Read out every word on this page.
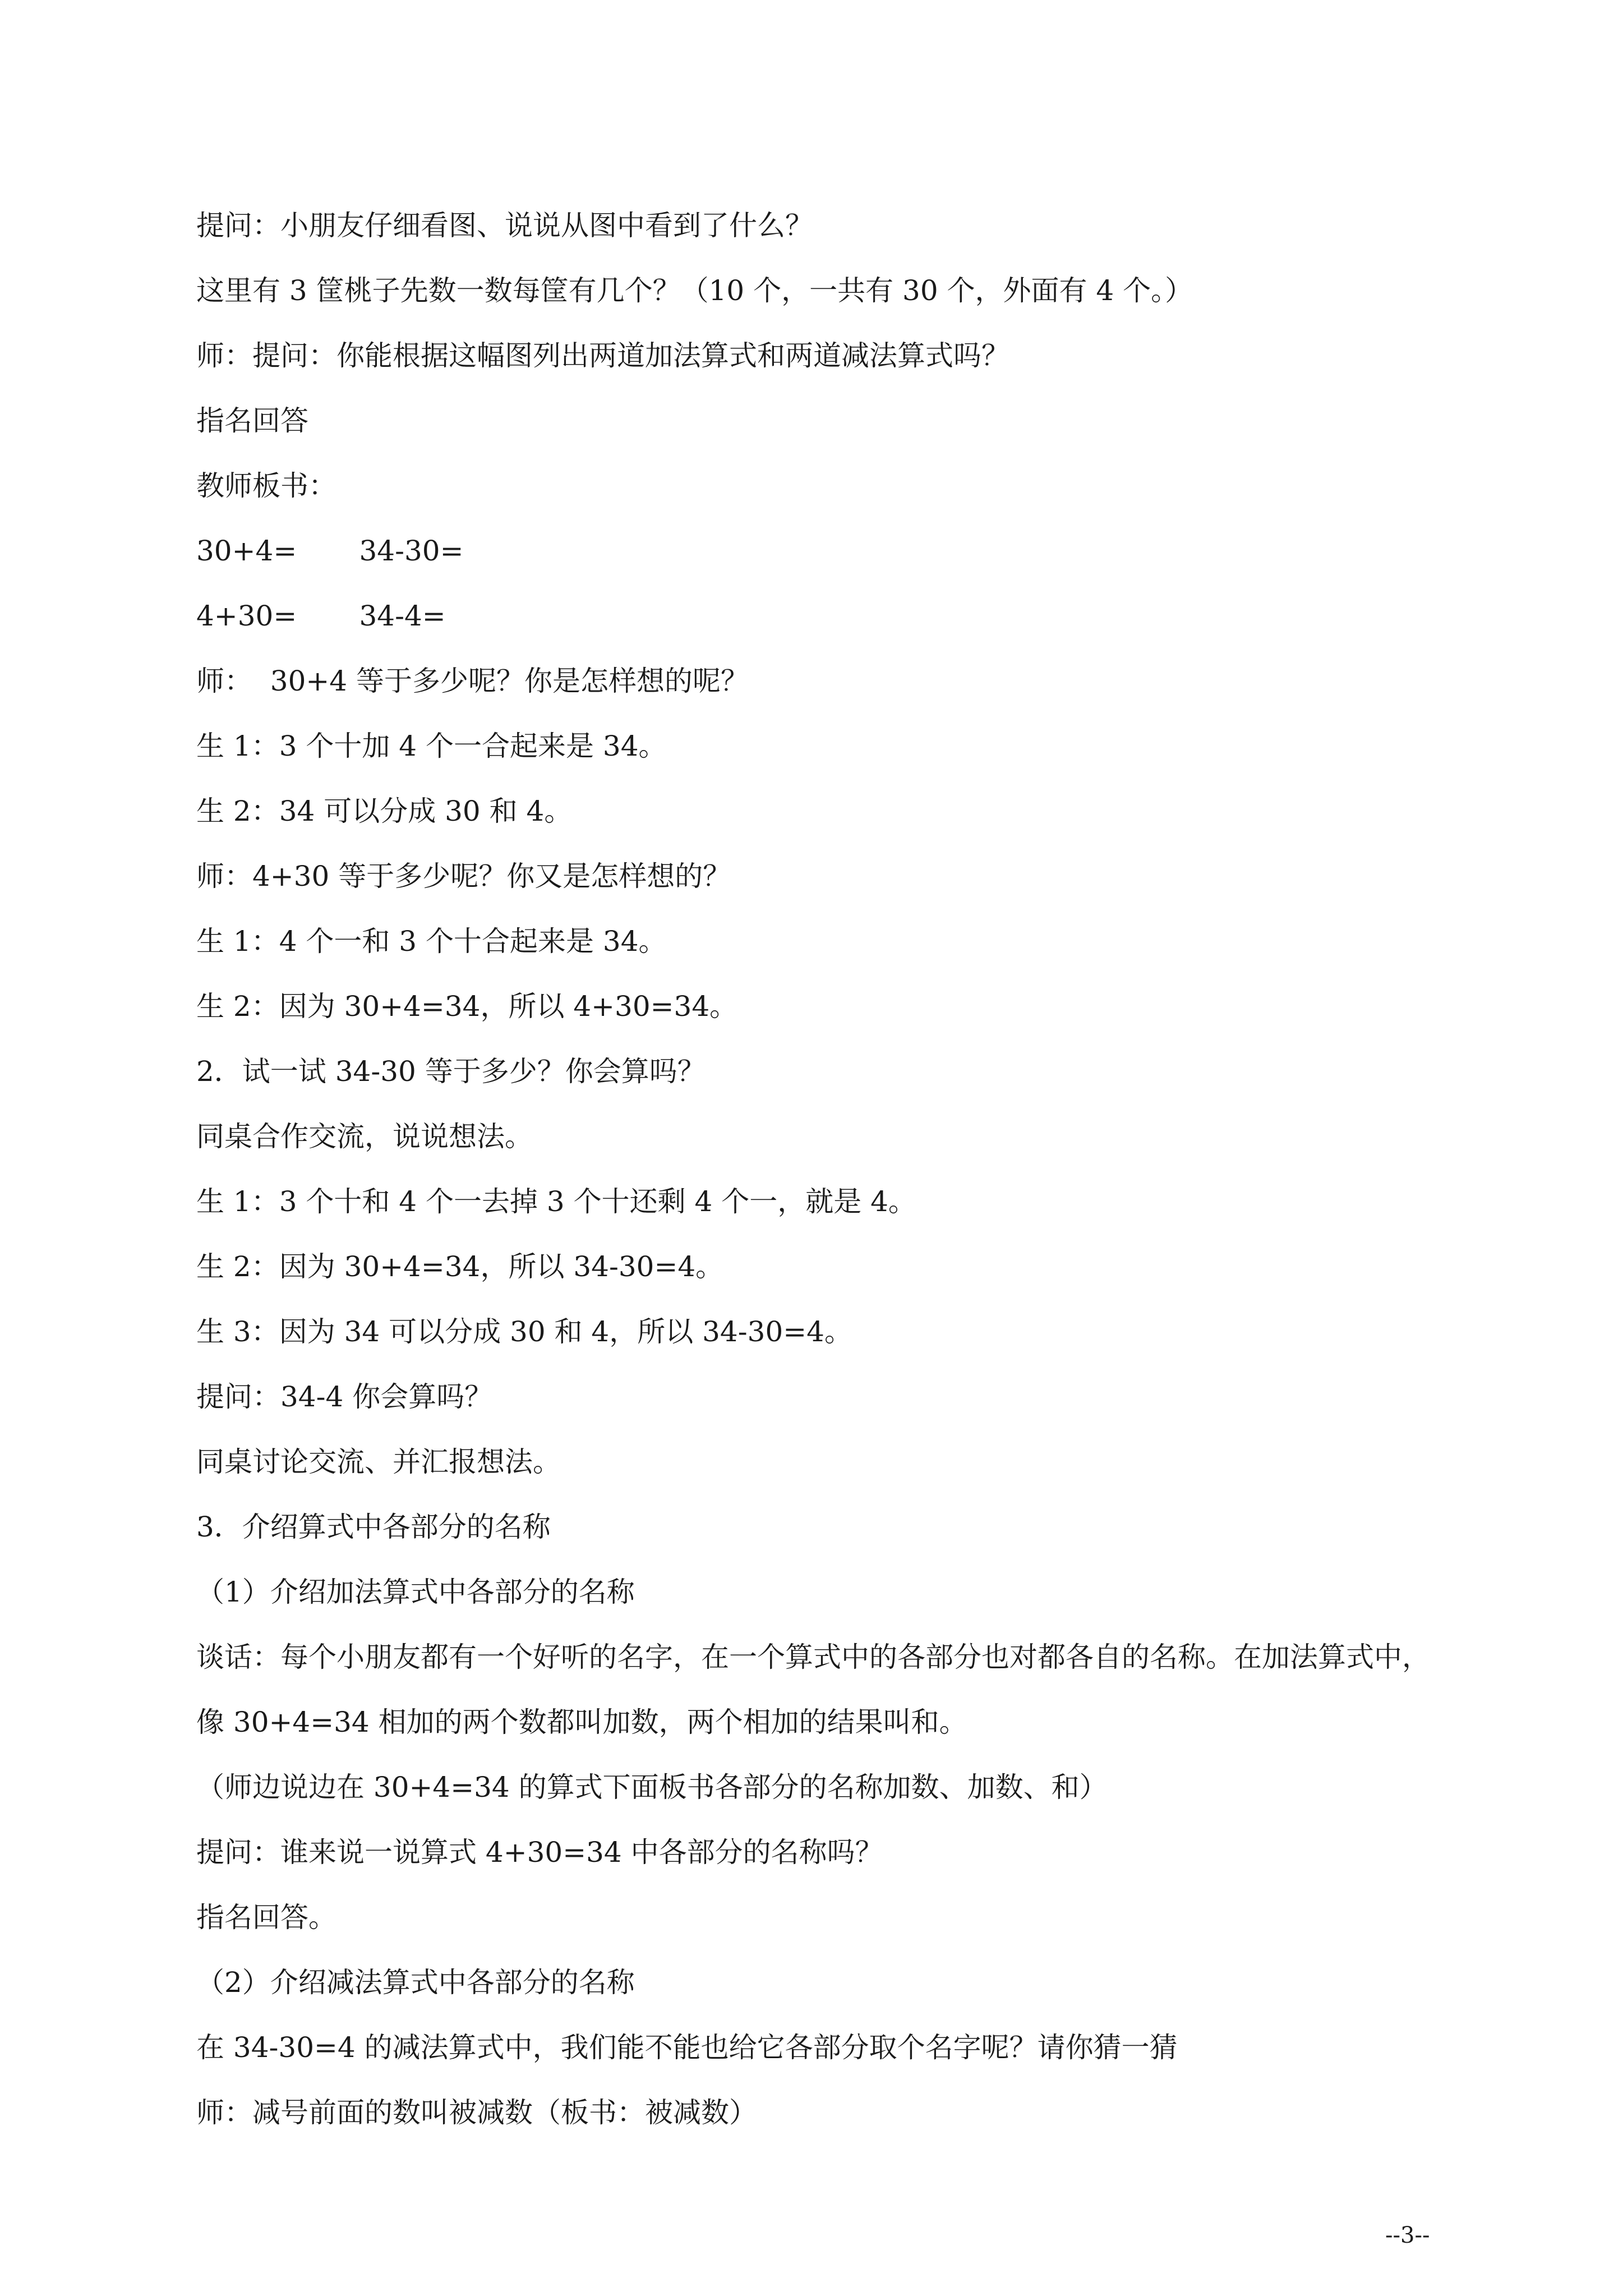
提问：小朋友仔细看图、说说从图中看到了什么？
这里有 3 筐桃子先数一数每筐有几个？（10 个，一共有 30 个，外面有 4 个。）
师：提问：你能根据这幅图列出两道加法算式和两道减法算式吗？
指名回答
教师板书：
30+4=       34-30=
4+30=       34-4=
师：  30+4 等于多少呢？你是怎样想的呢？
生 1：3 个十加 4 个一合起来是 34。
生 2：34 可以分成 30 和 4。
师：4+30 等于多少呢？你又是怎样想的？
生 1：4 个一和 3 个十合起来是 34。
生 2：因为 30+4=34，所以 4+30=34。
2．试一试 34-30 等于多少？你会算吗？
同桌合作交流，说说想法。
生 1：3 个十和 4 个一去掉 3 个十还剩 4 个一，就是 4。
生 2：因为 30+4=34，所以 34-30=4。
生 3：因为 34 可以分成 30 和 4，所以 34-30=4。
提问：34-4 你会算吗？
同桌讨论交流、并汇报想法。
3．介绍算式中各部分的名称
（1）介绍加法算式中各部分的名称
谈话：每个小朋友都有一个好听的名字，在一个算式中的各部分也对都各自的名称。在加法算式中，
像 30+4=34 相加的两个数都叫加数，两个相加的结果叫和。
（师边说边在 30+4=34 的算式下面板书各部分的名称加数、加数、和）
提问：谁来说一说算式 4+30=34 中各部分的名称吗？
指名回答。
（2）介绍减法算式中各部分的名称
在 34-30=4 的减法算式中，我们能不能也给它各部分取个名字呢？请你猜一猜
师：减号前面的数叫被减数（板书：被减数）
--3--
